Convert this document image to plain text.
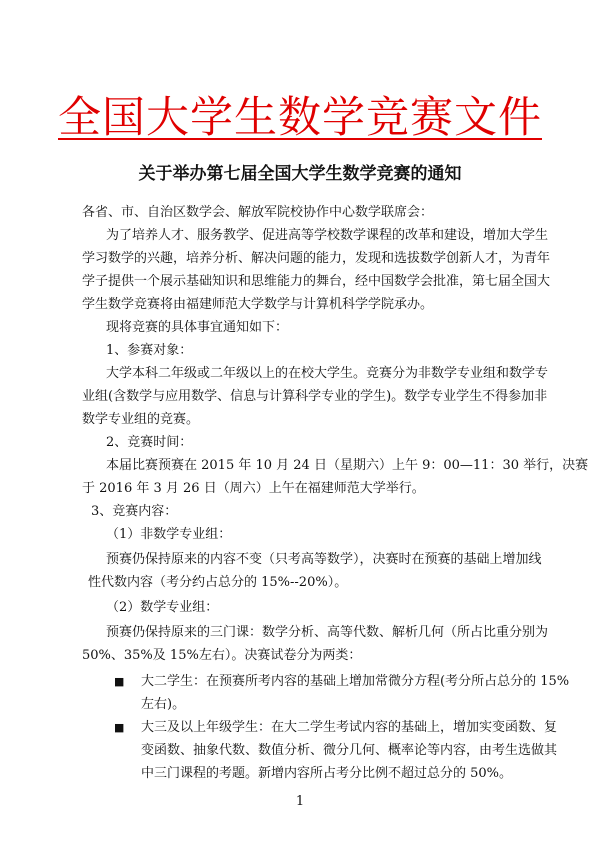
全国大学生数学竞赛文件
关于举办第七届全国大学生数学竞赛的通知
各省、市、自治区数学会、解放军院校协作中心数学联席会：
为了培养人才、服务教学、促进高等学校数学课程的改革和建设，增加大学生
学习数学的兴趣，培养分析、解决问题的能力，发现和选拔数学创新人才，为青年
学子提供一个展示基础知识和思维能力的舞台，经中国数学会批准，第七届全国大
学生数学竞赛将由福建师范大学数学与计算机科学学院承办。
现将竞赛的具体事宜通知如下：
1、参赛对象：
大学本科二年级或二年级以上的在校大学生。竞赛分为非数学专业组和数学专
业组(含数学与应用数学、信息与计算科学专业的学生)。数学专业学生不得参加非
数学专业组的竞赛。
2、竞赛时间：
本届比赛预赛在 2015 年 10 月 24 日（星期六）上午 9：00—11：30 举行，决赛
于 2016 年 3 月 26 日（周六）上午在福建师范大学举行。
3、竞赛内容：
（1）非数学专业组：
预赛仍保持原来的内容不变（只考高等数学），决赛时在预赛的基础上增加线
性代数内容（考分约占总分的 15%--20%）。
（2）数学专业组：
预赛仍保持原来的三门课：数学分析、高等代数、解析几何（所占比重分别为
50%、35%及 15%左右）。决赛试卷分为两类：
■ 大二学生：在预赛所考内容的基础上增加常微分方程(考分所占总分的 15%
左右)。
■ 大三及以上年级学生：在大二学生考试内容的基础上，增加实变函数、复
变函数、抽象代数、数值分析、微分几何、概率论等内容，由考生选做其
中三门课程的考题。新增内容所占考分比例不超过总分的 50%。
1
